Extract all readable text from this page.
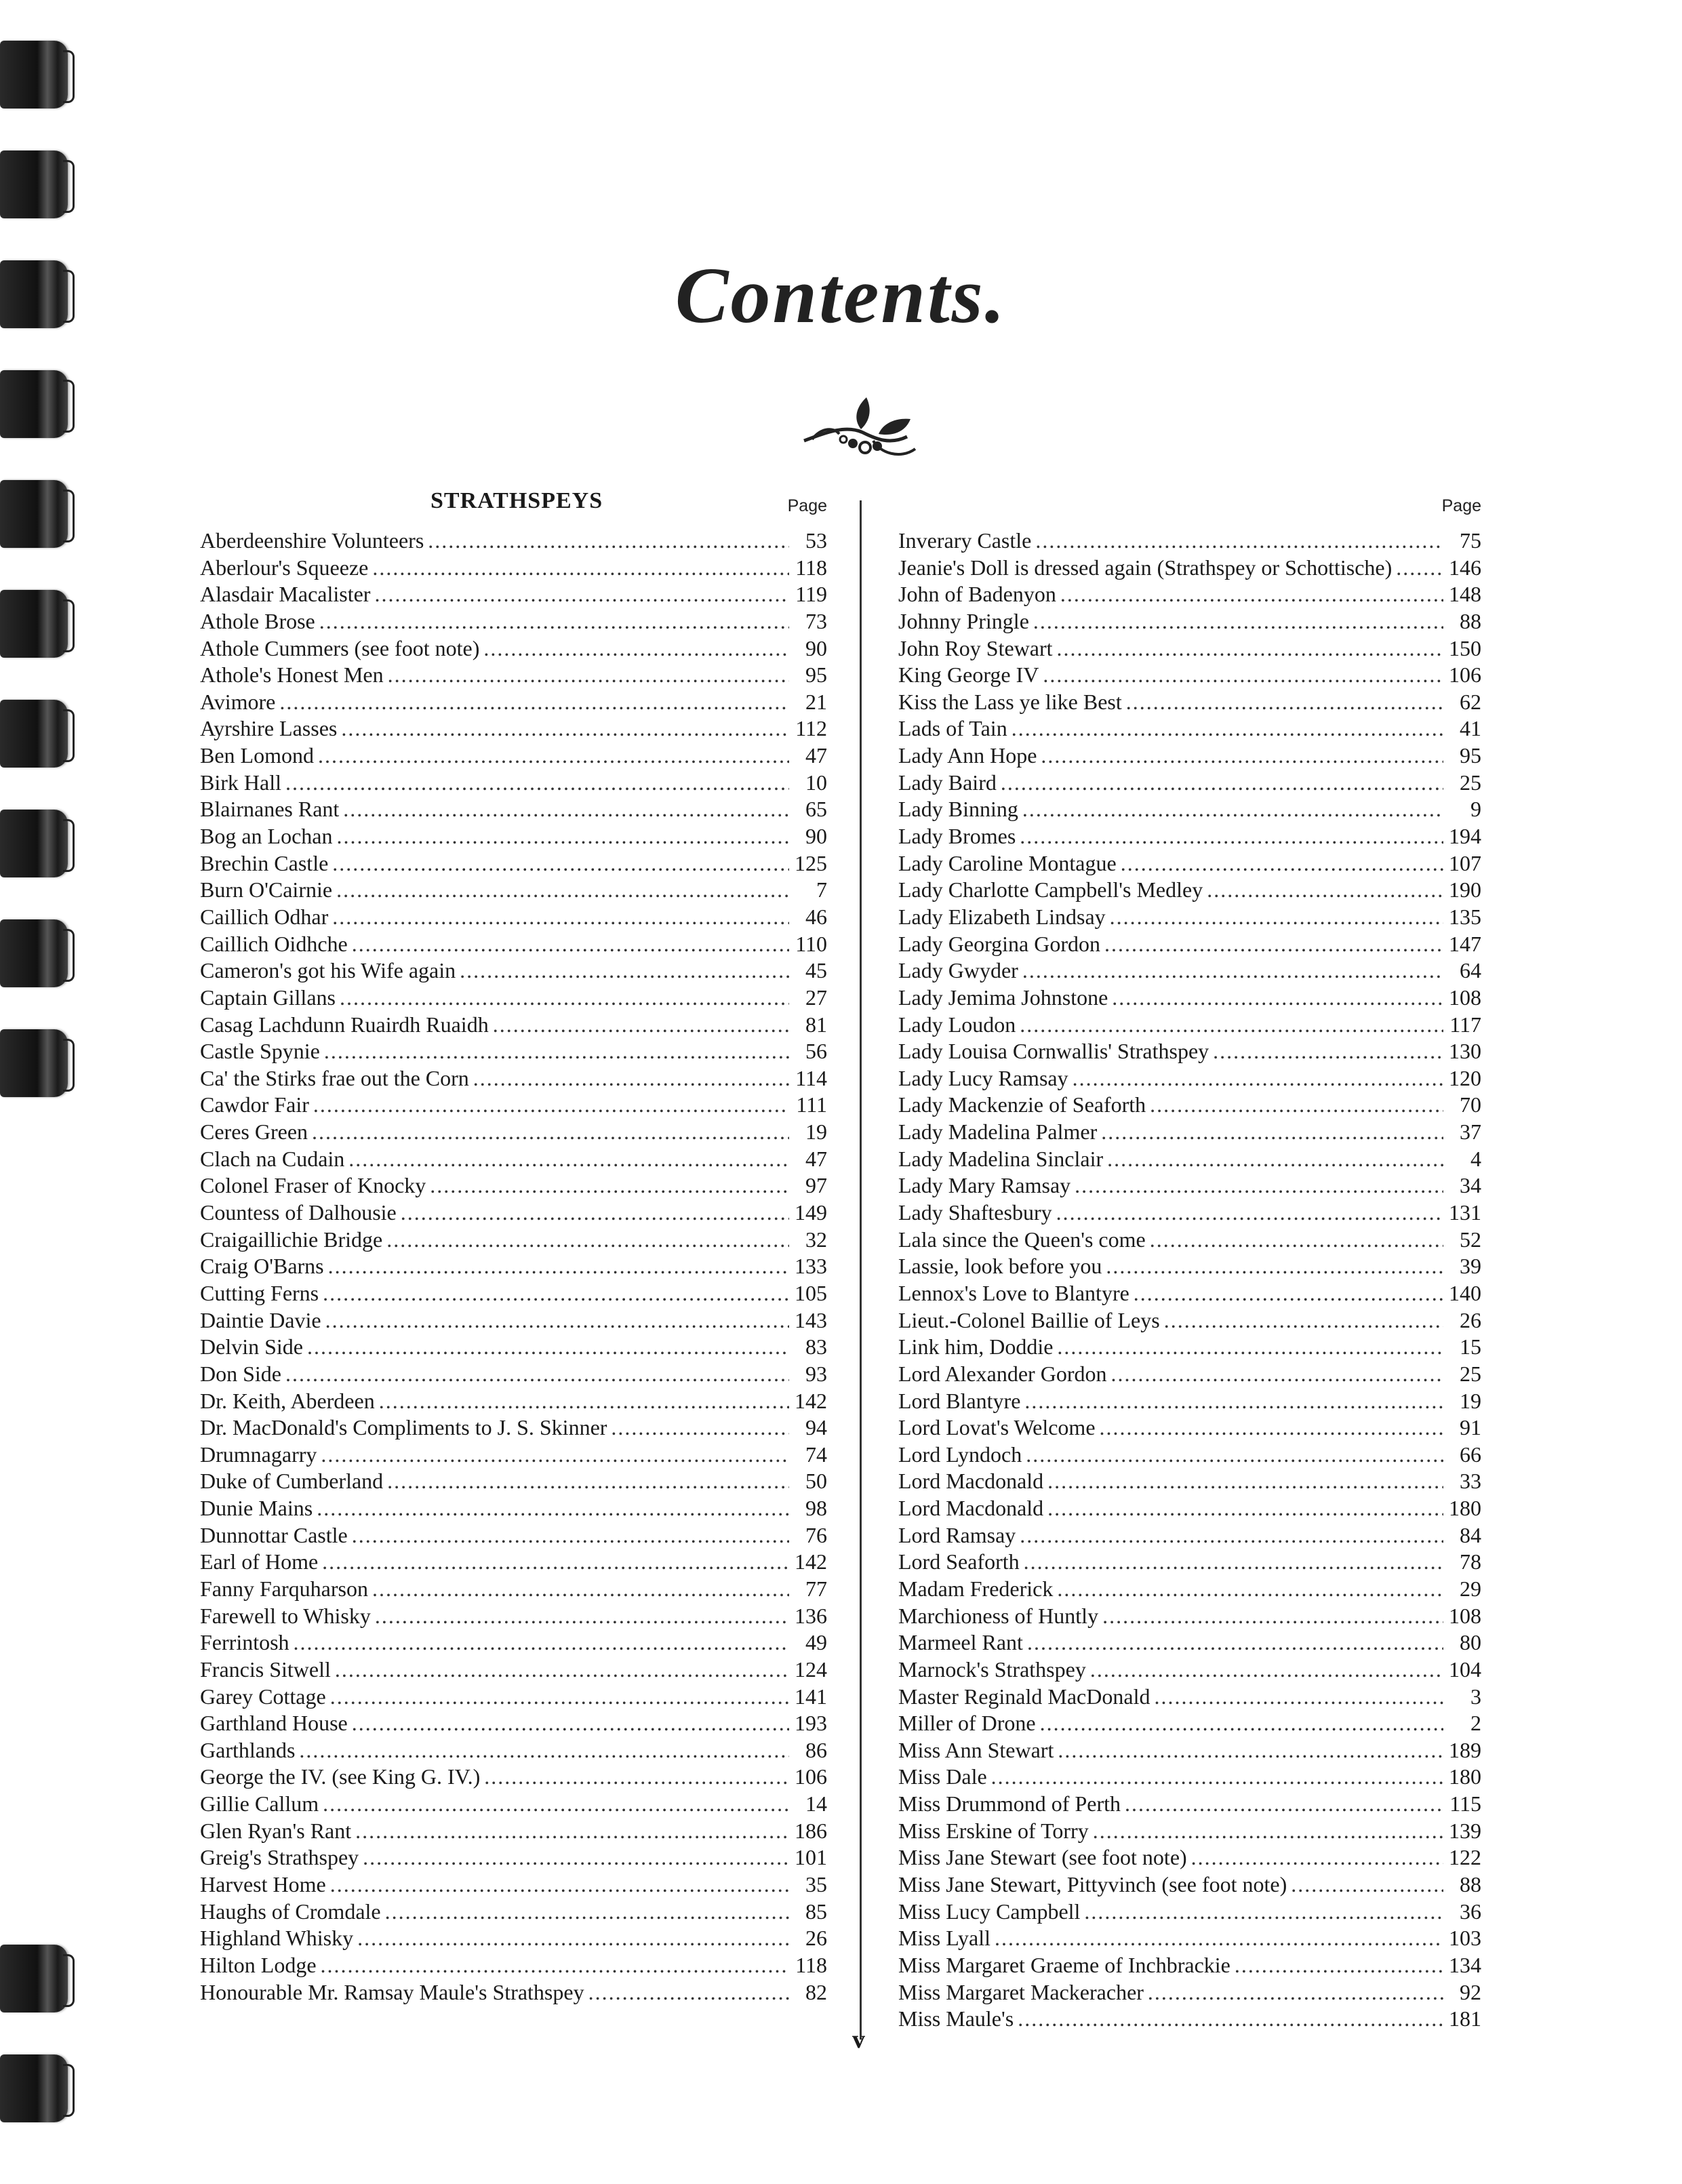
Contents.
STRATHSPEYS	Page
Aberdeenshire Volunteers . . .	53
Aberlour's Squeeze . . .	118
Alasdair Macalister . . .	119
Athole Brose . . .	73
Athole Cummers (see foot note) . . .	90
Athole's Honest Men . . .	95
Avimore . . .	21
Ayrshire Lasses . . .	112
Ben Lomond . . .	47
Birk Hall . . .	10
Blairnanes Rant . . .	65
Bog an Lochan . . .	90
Brechin Castle . . .	125
Burn O'Cairnie . . .	7
Caillich Odhar . . .	46
Caillich Oidhche . . .	110
Cameron's got his Wife again . . .	45
Captain Gillans . . .	27
Casag Lachdunn Ruairdh Ruaidh . . .	81
Castle Spynie . . .	56
Ca' the Stirks frae out the Corn . . .	114
Cawdor Fair . . .	111
Ceres Green . . .	19
Clach na Cudain . . .	47
Colonel Fraser of Knocky . . .	97
Countess of Dalhousie . . .	149
Craigaillichie Bridge . . .	32
Craig O'Barns . . .	133
Cutting Ferns . . .	105
Daintie Davie . . .	143
Delvin Side . . .	83
Don Side . . .	93
Dr. Keith, Aberdeen . . .	142
Dr. MacDonald's Compliments to J. S. Skinner . . .	94
Drumnagarry . . .	74
Duke of Cumberland . . .	50
Dunie Mains . . .	98
Dunnottar Castle . . .	76
Earl of Home . . .	142
Fanny Farquharson . . .	77
Farewell to Whisky . . .	136
Ferrintosh . . .	49
Francis Sitwell . . .	124
Garey Cottage . . .	141
Garthland House . . .	193
Garthlands . . .	86
George the IV. (see King G. IV.) . . .	106
Gillie Callum . . .	14
Glen Ryan's Rant . . .	186
Greig's Strathspey . . .	101
Harvest Home . . .	35
Haughs of Cromdale . . .	85
Highland Whisky . . .	26
Hilton Lodge . . .	118
Honourable Mr. Ramsay Maule's Strathspey . . .	82
Page
Inverary Castle . . .	75
Jeanie's Doll is dressed again (Strathspey or Schottische) . . .	146
John of Badenyon . . .	148
Johnny Pringle . . .	88
John Roy Stewart . . .	150
King George IV . . .	106
Kiss the Lass ye like Best . . .	62
Lads of Tain . . .	41
Lady Ann Hope . . .	95
Lady Baird . . .	25
Lady Binning . . .	9
Lady Bromes . . .	194
Lady Caroline Montague . . .	107
Lady Charlotte Campbell's Medley . . .	190
Lady Elizabeth Lindsay . . .	135
Lady Georgina Gordon . . .	147
Lady Gwyder . . .	64
Lady Jemima Johnstone . . .	108
Lady Loudon . . .	117
Lady Louisa Cornwallis' Strathspey . . .	130
Lady Lucy Ramsay . . .	120
Lady Mackenzie of Seaforth . . .	70
Lady Madelina Palmer . . .	37
Lady Madelina Sinclair . . .	4
Lady Mary Ramsay . . .	34
Lady Shaftesbury . . .	131
Lala since the Queen's come . . .	52
Lassie, look before you . . .	39
Lennox's Love to Blantyre . . .	140
Lieut.-Colonel Baillie of Leys . . .	26
Link him, Doddie . . .	15
Lord Alexander Gordon . . .	25
Lord Blantyre . . .	19
Lord Lovat's Welcome . . .	91
Lord Lyndoch . . .	66
Lord Macdonald . . .	33
Lord Macdonald . . .	180
Lord Ramsay . . .	84
Lord Seaforth . . .	78
Madam Frederick . . .	29
Marchioness of Huntly . . .	108
Marmeel Rant . . .	80
Marnock's Strathspey . . .	104
Master Reginald MacDonald . . .	3
Miller of Drone . . .	2
Miss Ann Stewart . . .	189
Miss Dale . . .	180
Miss Drummond of Perth . . .	115
Miss Erskine of Torry . . .	139
Miss Jane Stewart (see foot note) . . .	122
Miss Jane Stewart, Pittyvinch (see foot note) . . .	88
Miss Lucy Campbell . . .	36
Miss Lyall . . .	103
Miss Margaret Graeme of Inchbrackie . . .	134
Miss Margaret Mackeracher . . .	92
Miss Maule's . . .	181
v
